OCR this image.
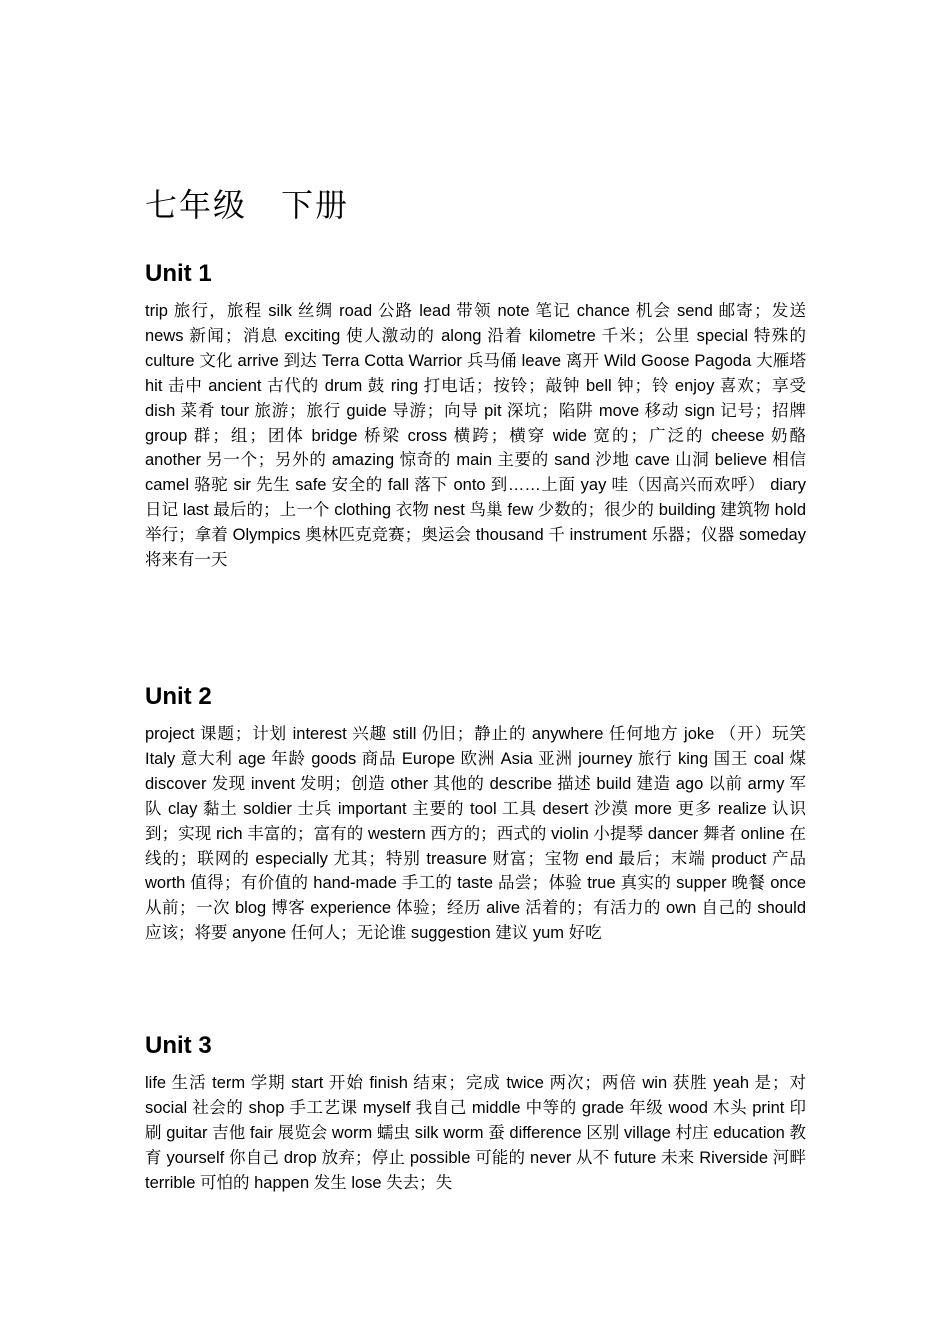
七年级　下册
Unit 1

trip 旅行，旅程 silk 丝绸 road 公路 lead 带领 note 笔记 chance 机会 send 邮寄；发送 news 新闻；消息 exciting 使人激动的 along 沿着 kilometre 千米；公里 special 特殊的 culture 文化 arrive 到达 Terra Cotta Warrior 兵马俑 leave 离开 Wild Goose Pagoda 大雁塔 hit 击中 ancient 古代的 drum 鼓 ring 打电话；按铃；敲钟 bell 钟；铃 enjoy 喜欢；享受 dish 菜肴 tour 旅游；旅行 guide 导游；向导 pit 深坑；陷阱 move 移动 sign 记号；招牌 group 群；组；团体 bridge 桥梁 cross 横跨；横穿 wide 宽的；广泛的 cheese 奶酪 another 另一个；另外的 amazing 惊奇的 main 主要的 sand 沙地 cave 山洞 believe 相信 camel 骆驼 sir 先生 safe 安全的 fall 落下 onto 到……上面 yay 哇（因高兴而欢呼） diary 日记 last 最后的；上一个 clothing 衣物 nest 鸟巢 few 少数的；很少的 building 建筑物 hold 举行；拿着 Olympics 奥林匹克竞赛；奥运会 thousand 千 instrument 乐器；仪器 someday 将来有一天

Unit 2

project 课题；计划 interest 兴趣 still 仍旧；静止的 anywhere 任何地方 joke （开）玩笑 Italy 意大利 age 年龄 goods 商品 Europe 欧洲 Asia 亚洲 journey 旅行 king 国王 coal 煤 discover 发现 invent 发明；创造 other 其他的 describe 描述 build 建造 ago 以前 army 军队 clay 黏土 soldier 士兵 important 主要的 tool 工具 desert 沙漠 more 更多 realize 认识到；实现 rich 丰富的；富有的 western 西方的；西式的 violin 小提琴 dancer 舞者 online 在线的；联网的 especially 尤其；特别 treasure 财富；宝物 end 最后；末端 product 产品 worth 值得；有价值的 hand-made 手工的 taste 品尝；体验 true 真实的 supper 晚餐 once 从前；一次 blog 博客 experience 体验；经历 alive 活着的；有活力的 own 自己的 should 应该；将要 anyone 任何人；无论谁 suggestion 建议 yum 好吃

Unit 3

life 生活 term 学期 start 开始 finish 结束；完成 twice 两次；两倍 win 获胜 yeah 是；对 social 社会的 shop 手工艺课 myself 我自己 middle 中等的 grade 年级 wood 木头 print 印刷 guitar 吉他 fair 展览会 worm 蠕虫 silk worm 蚕 difference 区别 village 村庄 education 教育 yourself 你自己 drop 放弃；停止 possible 可能的 never 从不 future 未来 Riverside 河畔 terrible 可怕的 happen 发生 lose 失去；失
